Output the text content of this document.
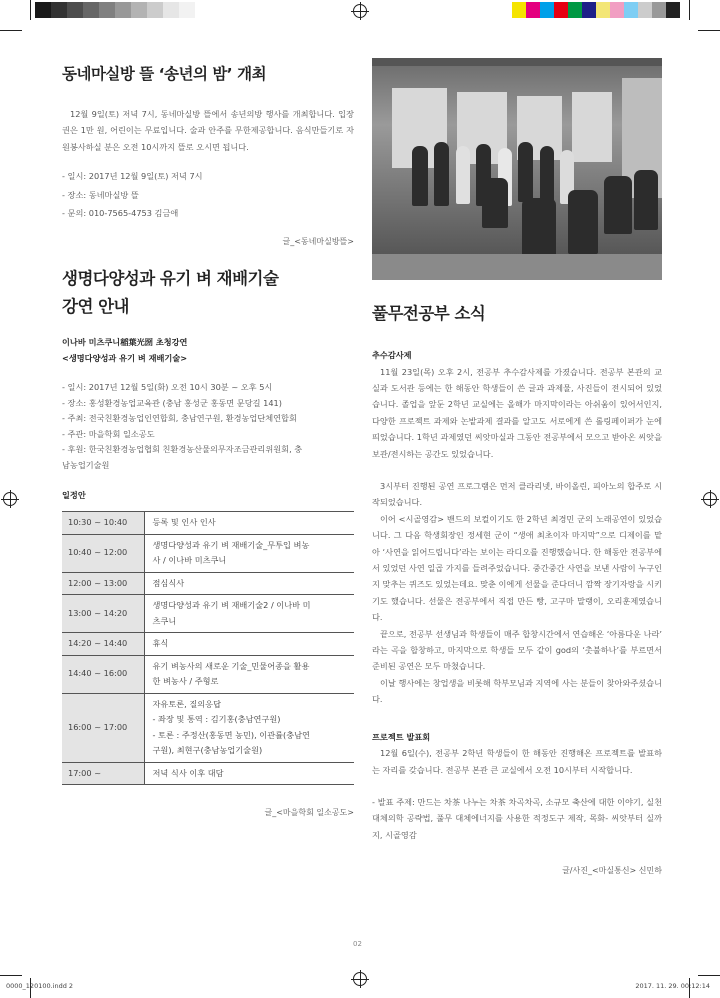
동네마실방 뜰 ‘송년의 밤’ 개최

12월 9일(토) 저녁 7시, 동네마실방 뜰에서 송년의방 행사를 개최합니다. 입장권은 1만 원, 어린이는 무료입니다. 술과 안주를 무한제공합니다. 음식만들기로 자원봉사하실 분은 오전 10시까지 뜰로 오시면 됩니다.

- 일시: 2017년 12월 9일(토) 저녁 7시
- 장소: 동네마실방 뜰
- 문의: 010-7565-4753 김금애
글_<동네마실방뜰>
생명다양성과 유기 벼 재배기술
강연 안내
이나바 미츠쿠니稲葉光圀 초청강연
<생명다양성과 유기 벼 재배기술>
- 일시: 2017년 12월 5일(화) 오전 10시 30분 ~ 오후 5시
- 장소: 홍성환경농업교육관 (충남 홍성군 홍동면 문당길 141)
- 주최: 전국친환경농업인연합회, 충남연구원, 환경농업단체연합회
- 주관: 마을학회 일소공도
- 후원: 한국친환경농업협회 친환경농산물의무자조금관리위원회, 충
남농업기술원
일정안
10:30 ~ 10:40	등록 및 인사 인사

10:40 ~ 12:00	생명다양성과 유기 벼 재배기술_무투입 벼농
사 / 이나바 미츠쿠니

12:00 ~ 13:00	점심식사

13:00 ~ 14:20	생명다양성과 유기 벼 재배기술2 / 이나바 미
츠쿠니

14:20 ~ 14:40	휴식

14:40 ~ 16:00	유기 벼농사의 새로운 기술_민물어종을 활용
한 벼농사 / 주형로

16:00 ~ 17:00	자유토론, 질의응답
- 좌장 및 통역 : 김기홍(충남연구원)
- 토론 : 주정산(홍동면 농민), 이관률(충남연
구원), 최현구(충남농업기술원)

17:00 ~	저녁 식사 이후 대담
글_<마을학회 일소공도>
풀무전공부 소식
추수감사제

11월 23일(목) 오후 2시, 전공부 추수감사제를 가졌습니다. 전공부 본관의 교실과 도서관 등에는 한 해동안 학생들이 쓴 글과 과제물, 사진들이 전시되어 있었습니다. 졸업을 앞둔 2학년 교실에는 올해가 마지막이라는 아쉬움이 있어서인지, 다양한 프로젝트 과제와 논밭과제 결과를 알고도 서로에게 쓴 롤링페이퍼가 눈에 띄었습니다. 1학년 과제였던 씨앗마실과 그동안 전공부에서 모으고 받아온 씨앗을 보관/전시하는 공간도 있었습니다.

3시부터 진행된 공연 프로그램은 먼저 클라리넷, 바이올린, 피아노의 합주로 시작되었습니다.

이어 <시골영감> 밴드의 보컬이기도 한 2학년 최경민 군의 노래공연이 있었습니다. 그 다음 학생회장인 정세현 군이 “생애 최초이자 마지막”으로 디제이를 맡아 ‘사연을 읽어드립니다’라는 보이는 라디오를 진행했습니다. 한 해동안 전공부에서 있었던 사연 일곱 가지를 들려주었습니다. 중간중간 사연을 보낸 사람이 누구인지 맞추는 퀴즈도 있었는데요. 맞춘 이에게 선물을 준다더니 깜짝 장기자랑을 시키기도 했습니다. 선물은 전공부에서 직접 만든 빵, 고구마 말랭이, 오리훈제였습니다.

끝으로, 전공부 선생님과 학생들이 매주 합창시간에서 연습해온 ‘아름다운 나라’ 라는 곡을 합창하고, 마지막으로 학생들 모두 같이 god의 ‘촛불하나’를 부르면서 준비된 공연은 모두 마쳤습니다.

이날 행사에는 창업생을 비롯해 학부모님과 지역에 사는 분들이 찾아와주셨습니다.

프로젝트 발표회

12월 6일(수), 전공부 2학년 학생들이 한 해동안 진행해온 프로젝트를 발표하는 자리를 갖습니다. 전공부 본관 큰 교실에서 오전 10시부터 시작합니다.

- 발표 주제: 만드는 차茶 나누는 차茶 차곡차곡, 소규모 축산에 대한 이야기, 실천 대체의학 공략법, 풀무 대체에너지를 사용한 적정도구 제작, 목화- 씨앗부터 실까지, 시골영감

글/사진_<마실통신> 신민하
02
0000_120100.indd 2	2017. 11. 29. 00:12:14
